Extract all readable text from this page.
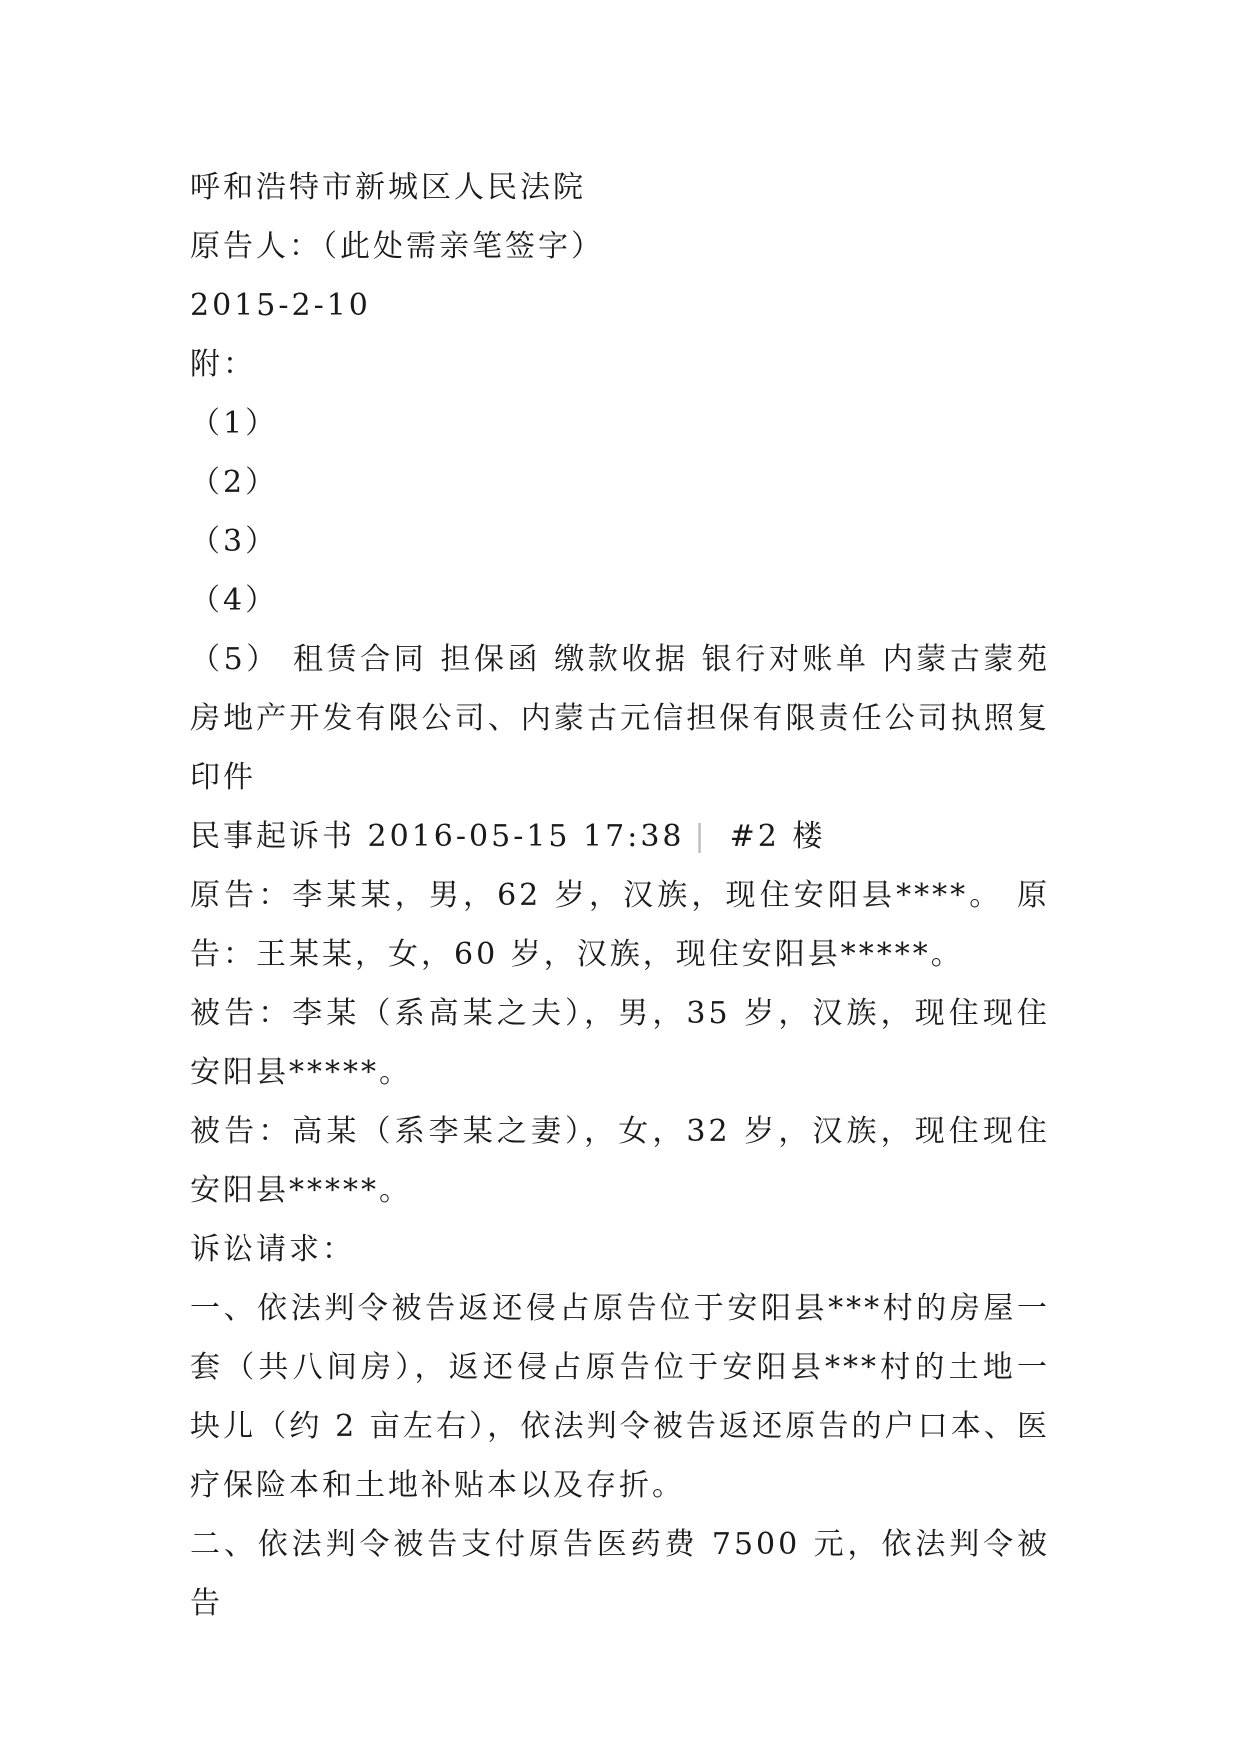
呼和浩特市新城区人民法院

原告人：（此处需亲笔签字）

2015-2-10

附：

（1）

（2）

（3）

（4）

（5） 租赁合同 担保函 缴款收据 银行对账单 内蒙古蒙苑房地产开发有限公司、内蒙古元信担保有限责任公司执照复印件

民事起诉书 2016-05-15 17:38 | #2 楼

原告：李某某，男，62 岁，汉族，现住安阳县****。 原告：王某某，女，60 岁，汉族，现住安阳县*****。

被告：李某（系高某之夫），男，35 岁，汉族，现住现住安阳县*****。

被告：高某（系李某之妻），女，32 岁，汉族，现住现住安阳县*****。

诉讼请求：

一、依法判令被告返还侵占原告位于安阳县***村的房屋一套（共八间房），返还侵占原告位于安阳县***村的土地一块儿（约 2 亩左右），依法判令被告返还原告的户口本、医疗保险本和土地补贴本以及存折。

二、依法判令被告支付原告医药费 7500 元，依法判令被告
